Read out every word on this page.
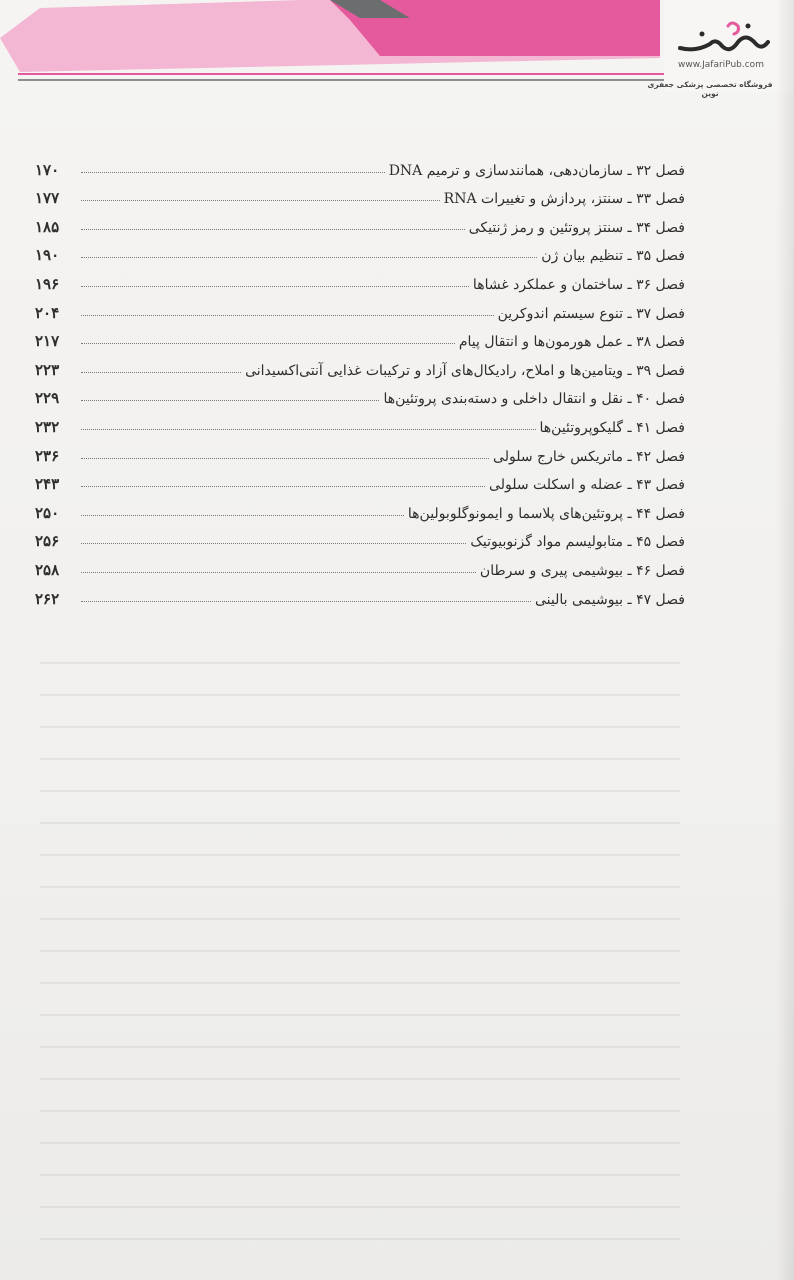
www.JafariPub.com
فروشگاه تخصصی پزشکی جعفری نوین
فصل ۳۲ ـ سازمان‌دهی، همانندسازی و ترمیم DNA
۱۷۰
فصل ۳۳ ـ سنتز، پردازش و تغییرات RNA
۱۷۷
فصل ۳۴ ـ سنتز پروتئین و رمز ژنتیکی
۱۸۵
فصل ۳۵ ـ تنظیم بیان ژن
۱۹۰
فصل ۳۶ ـ ساختمان و عملکرد غشاها
۱۹۶
فصل ۳۷ ـ تنوع سیستم اندوکرین
۲۰۴
فصل ۳۸ ـ عمل هورمون‌ها و انتقال پیام
۲۱۷
فصل ۳۹ ـ ویتامین‌ها و املاح، رادیکال‌های آزاد و ترکیبات غذایی آنتی‌اکسیدانی
۲۲۳
فصل ۴۰ ـ نقل و انتقال داخلی و دسته‌بندی پروتئین‌ها
۲۲۹
فصل ۴۱ ـ گلیکوپروتئین‌ها
۲۳۲
فصل ۴۲ ـ ماتریکس خارج سلولی
۲۳۶
فصل ۴۳ ـ عضله و اسکلت سلولی
۲۴۳
فصل ۴۴ ـ پروتئین‌های پلاسما و ایمونوگلوبولین‌ها
۲۵۰
فصل ۴۵ ـ متابولیسم مواد گزنوبیوتیک
۲۵۶
فصل ۴۶ ـ بیوشیمی پیری و سرطان
۲۵۸
فصل ۴۷ ـ بیوشیمی بالینی
۲۶۲
